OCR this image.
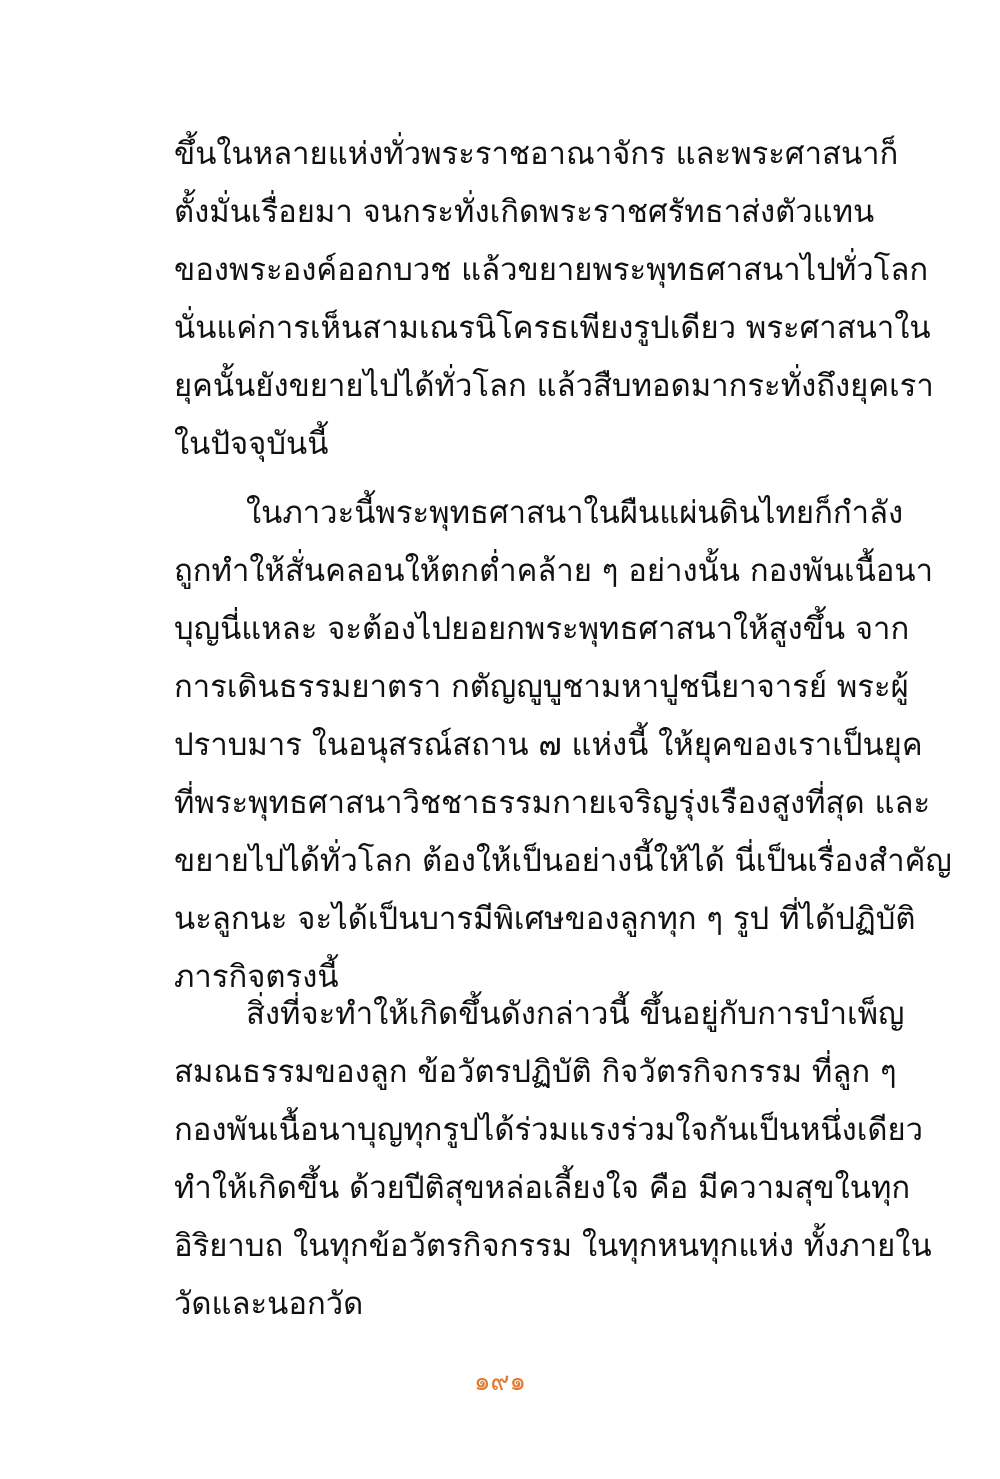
ขึ้นในหลายแห่งทั่วพระราชอาณาจักร และพระศาสนาก็
ตั้งมั่นเรื่อยมา จนกระทั่งเกิดพระราชศรัทธาส่งตัวแทน
ของพระองค์ออกบวช แล้วขยายพระพุทธศาสนาไปทั่วโลก
นั่นแค่การเห็นสามเณรนิโครธเพียงรูปเดียว พระศาสนาใน
ยุคนั้นยังขยายไปได้ทั่วโลก แล้วสืบทอดมากระทั่งถึงยุคเรา
ในปัจจุบันนี้
ในภาวะนี้พระพุทธศาสนาในผืนแผ่นดินไทยก็กำลัง
ถูกทำให้สั่นคลอนให้ตกต่ำคล้าย ๆ อย่างนั้น กองพันเนื้อนา
บุญนี่แหละ จะต้องไปยอยกพระพุทธศาสนาให้สูงขึ้น จาก
การเดินธรรมยาตรา กตัญญูบูชามหาปูชนียาจารย์ พระผู้
ปราบมาร ในอนุสรณ์สถาน ๗ แห่งนี้ ให้ยุคของเราเป็นยุค
ที่พระพุทธศาสนาวิชชาธรรมกายเจริญรุ่งเรืองสูงที่สุด และ
ขยายไปได้ทั่วโลก ต้องให้เป็นอย่างนี้ให้ได้ นี่เป็นเรื่องสำคัญ
นะลูกนะ จะได้เป็นบารมีพิเศษของลูกทุก ๆ รูป ที่ได้ปฏิบัติ
ภารกิจตรงนี้
สิ่งที่จะทำให้เกิดขึ้นดังกล่าวนี้ ขึ้นอยู่กับการบำเพ็ญ
สมณธรรมของลูก ข้อวัตรปฏิบัติ กิจวัตรกิจกรรม ที่ลูก ๆ
กองพันเนื้อนาบุญทุกรูปได้ร่วมแรงร่วมใจกันเป็นหนึ่งเดียว
ทำให้เกิดขึ้น ด้วยปีติสุขหล่อเลี้ยงใจ คือ มีความสุขในทุก
อิริยาบถ ในทุกข้อวัตรกิจกรรม ในทุกหนทุกแห่ง ทั้งภายใน
วัดและนอกวัด
๑๙๑
